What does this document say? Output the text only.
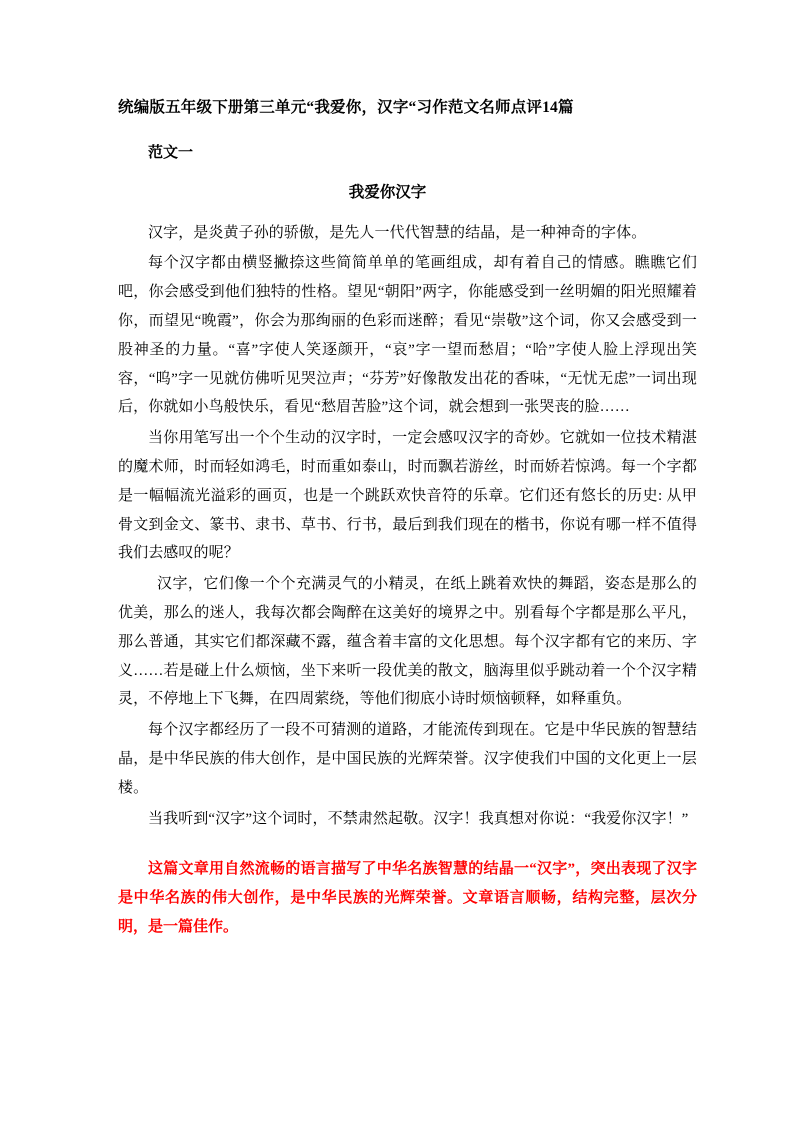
统编版五年级下册第三单元“我爱你，汉字“习作范文名师点评14篇
范文一
我爱你汉字

汉字，是炎黄子孙的骄傲，是先人一代代智慧的结晶，是一种神奇的字体。

每个汉字都由横竖撇捺这些简简单单的笔画组成，却有着自己的情感。瞧瞧它们吧，你会感受到他们独特的性格。望见“朝阳”两字，你能感受到一丝明媚的阳光照耀着你，而望见“晚霞”，你会为那绚丽的色彩而迷醉；看见“崇敬”这个词，你又会感受到一股神圣的力量。“喜”字使人笑逐颜开，“哀”字一望而愁眉；“哈”字使人脸上浮现出笑容，“呜”字一见就仿佛听见哭泣声；“芬芳”好像散发出花的香味，“无忧无虑”一词出现后，你就如小鸟般快乐，看见“愁眉苦脸”这个词，就会想到一张哭丧的脸……

当你用笔写出一个个生动的汉字时，一定会感叹汉字的奇妙。它就如一位技术精湛的魔术师，时而轻如鸿毛，时而重如泰山，时而飘若游丝，时而娇若惊鸿。每一个字都是一幅幅流光溢彩的画页，也是一个跳跃欢快音符的乐章。它们还有悠长的历史: 从甲骨文到金文、篆书、隶书、草书、行书，最后到我们现在的楷书，你说有哪一样不值得我们去感叹的呢？

汉字，它们像一个个充满灵气的小精灵，在纸上跳着欢快的舞蹈，姿态是那么的优美，那么的迷人，我每次都会陶醉在这美好的境界之中。别看每个字都是那么平凡，那么普通，其实它们都深藏不露，蕴含着丰富的文化思想。每个汉字都有它的来历、字义……若是碰上什么烦恼，坐下来听一段优美的散文，脑海里似乎跳动着一个个汉字精灵，不停地上下飞舞，在四周萦绕，等他们彻底小诗时烦恼顿释，如释重负。

每个汉字都经历了一段不可猜测的道路，才能流传到现在。它是中华民族的智慧结晶，是中华民族的伟大创作，是中国民族的光辉荣誉。汉字使我们中国的文化更上一层楼。

当我听到“汉字”这个词时，不禁肃然起敬。汉字！我真想对你说：“我爱你汉字！”

这篇文章用自然流畅的语言描写了中华名族智慧的结晶一“汉字”，突出表现了汉字是中华名族的伟大创作，是中华民族的光辉荣誉。文章语言顺畅，结构完整，层次分明，是一篇佳作。
